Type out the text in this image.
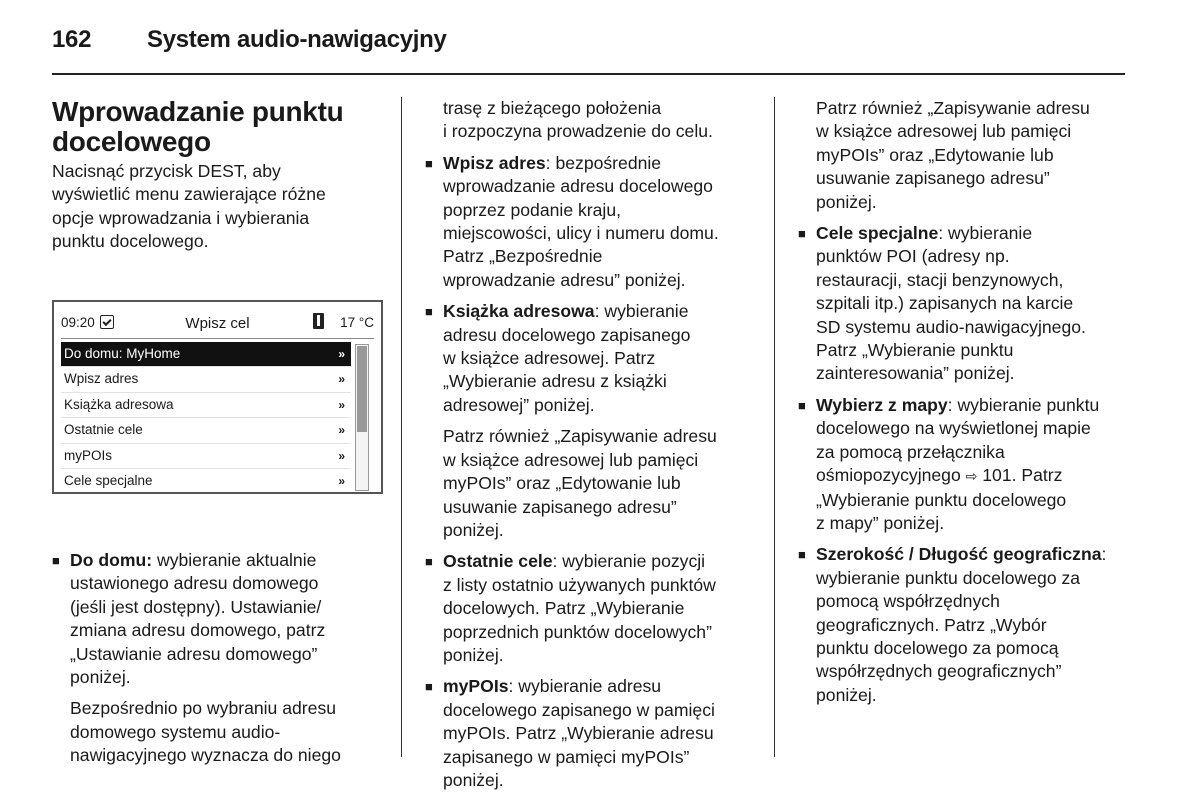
162 System audio-nawigacyjny
Wprowadzanie punktu docelowego

Nacisnąć przycisk DEST, aby
wyświetlić menu zawierające różne
opcje wprowadzania i wybierania
punktu docelowego.

09:20	Wpisz cel	17 °C
Do domu: MyHome	»
Wpisz adres	»
Książka adresowa	»
Ostatnie cele	»
myPOIs	»
Cele specjalne	»

■ Do domu: wybieranie aktualnie
ustawionego adresu domowego
(jeśli jest dostępny). Ustawianie/
zmiana adresu domowego, patrz
„Ustawianie adresu domowego”
poniżej.

Bezpośrednio po wybraniu adresu
domowego systemu audio-
nawigacyjnego wyznacza do niego

trasę z bieżącego położenia
i rozpoczyna prowadzenie do celu.

■ Wpisz adres: bezpośrednie
wprowadzanie adresu docelowego
poprzez podanie kraju,
miejscowości, ulicy i numeru domu.
Patrz „Bezpośrednie
wprowadzanie adresu” poniżej.

■ Książka adresowa: wybieranie
adresu docelowego zapisanego
w książce adresowej. Patrz
„Wybieranie adresu z książki
adresowej” poniżej.

Patrz również „Zapisywanie adresu
w książce adresowej lub pamięci
myPOIs” oraz „Edytowanie lub
usuwanie zapisanego adresu”
poniżej.

■ Ostatnie cele: wybieranie pozycji
z listy ostatnio używanych punktów
docelowych. Patrz „Wybieranie
poprzednich punktów docelowych”
poniżej.

■ myPOIs: wybieranie adresu
docelowego zapisanego w pamięci
myPOIs. Patrz „Wybieranie adresu
zapisanego w pamięci myPOIs”
poniżej.

Patrz również „Zapisywanie adresu
w książce adresowej lub pamięci
myPOIs” oraz „Edytowanie lub
usuwanie zapisanego adresu”
poniżej.

■ Cele specjalne: wybieranie
punktów POI (adresy np.
restauracji, stacji benzynowych,
szpitali itp.) zapisanych na karcie
SD systemu audio-nawigacyjnego.
Patrz „Wybieranie punktu
zainteresowania” poniżej.

■ Wybierz z mapy: wybieranie punktu
docelowego na wyświetlonej mapie
za pomocą przełącznika
ośmiopozycyjnego ⇨ 101. Patrz
„Wybieranie punktu docelowego
z mapy” poniżej.

■ Szerokość / Długość geograficzna:
wybieranie punktu docelowego za
pomocą współrzędnych
geograficznych. Patrz „Wybór
punktu docelowego za pomocą
współrzędnych geograficznych”
poniżej.
